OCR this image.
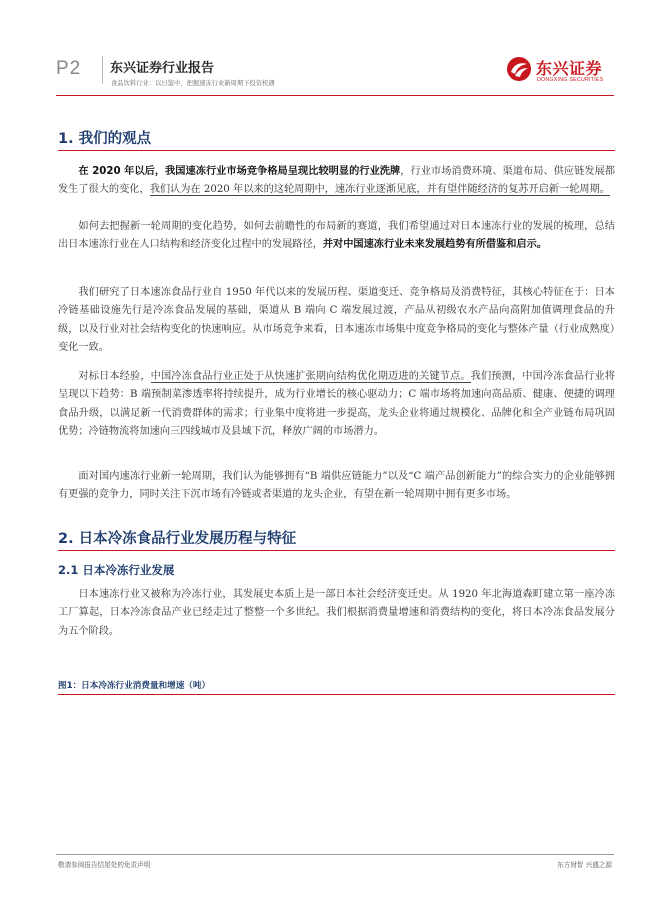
P2 东兴证券行业报告
食品饮料行业：以日鉴中，把握速冻行业新周期下投资机遇
东兴证券
DONGXING SECURITIES
1. 我们的观点

在 2020 年以后，我国速冻行业市场竞争格局呈现比较明显的行业洗牌，行业市场消费环境、渠道布局、供应链发展都发生了很大的变化，我们认为在 2020 年以来的这轮周期中，速冻行业逐渐见底，并有望伴随经济的复苏开启新一轮周期。

如何去把握新一轮周期的变化趋势，如何去前瞻性的布局新的赛道，我们希望通过对日本速冻行业的发展的梳理，总结出日本速冻行业在人口结构和经济变化过程中的发展路径，并对中国速冻行业未来发展趋势有所借鉴和启示。

我们研究了日本速冻食品行业自 1950 年代以来的发展历程、渠道变迁、竞争格局及消费特征，其核心特征在于：日本冷链基础设施先行是冷冻食品发展的基础，渠道从 B 端向 C 端发展过渡，产品从初级农水产品向高附加值调理食品的升级，以及行业对社会结构变化的快速响应。从市场竞争来看，日本速冻市场集中度竞争格局的变化与整体产量（行业成熟度）变化一致。

对标日本经验，中国冷冻食品行业正处于从快速扩张期向结构优化期迈进的关键节点。我们预测，中国冷冻食品行业将呈现以下趋势：B 端预制菜渗透率将持续提升，成为行业增长的核心驱动力；C 端市场将加速向高品质、健康、便捷的调理食品升级，以满足新一代消费群体的需求；行业集中度将进一步提高，龙头企业将通过规模化、品牌化和全产业链布局巩固优势；冷链物流将加速向三四线城市及县域下沉，释放广阔的市场潜力。

面对国内速冻行业新一轮周期，我们认为能够拥有“B 端供应链能力”以及“C 端产品创新能力”的综合实力的企业能够拥有更强的竞争力，同时关注下沉市场有冷链或者渠道的龙头企业，有望在新一轮周期中拥有更多市场。

2. 日本冷冻食品行业发展历程与特征
2.1 日本冷冻行业发展

日本速冻行业又被称为冷冻行业，其发展史本质上是一部日本社会经济变迁史。从 1920 年北海道森町建立第一座冷冻工厂算起，日本冷冻食品产业已经走过了整整一个多世纪。我们根据消费量增速和消费结构的变化，将日本冷冻食品发展分为五个阶段。

图1：日本冷冻行业消费量和增速（吨）
敬请参阅报告结尾处的免责声明	东方财智 兴盛之源
